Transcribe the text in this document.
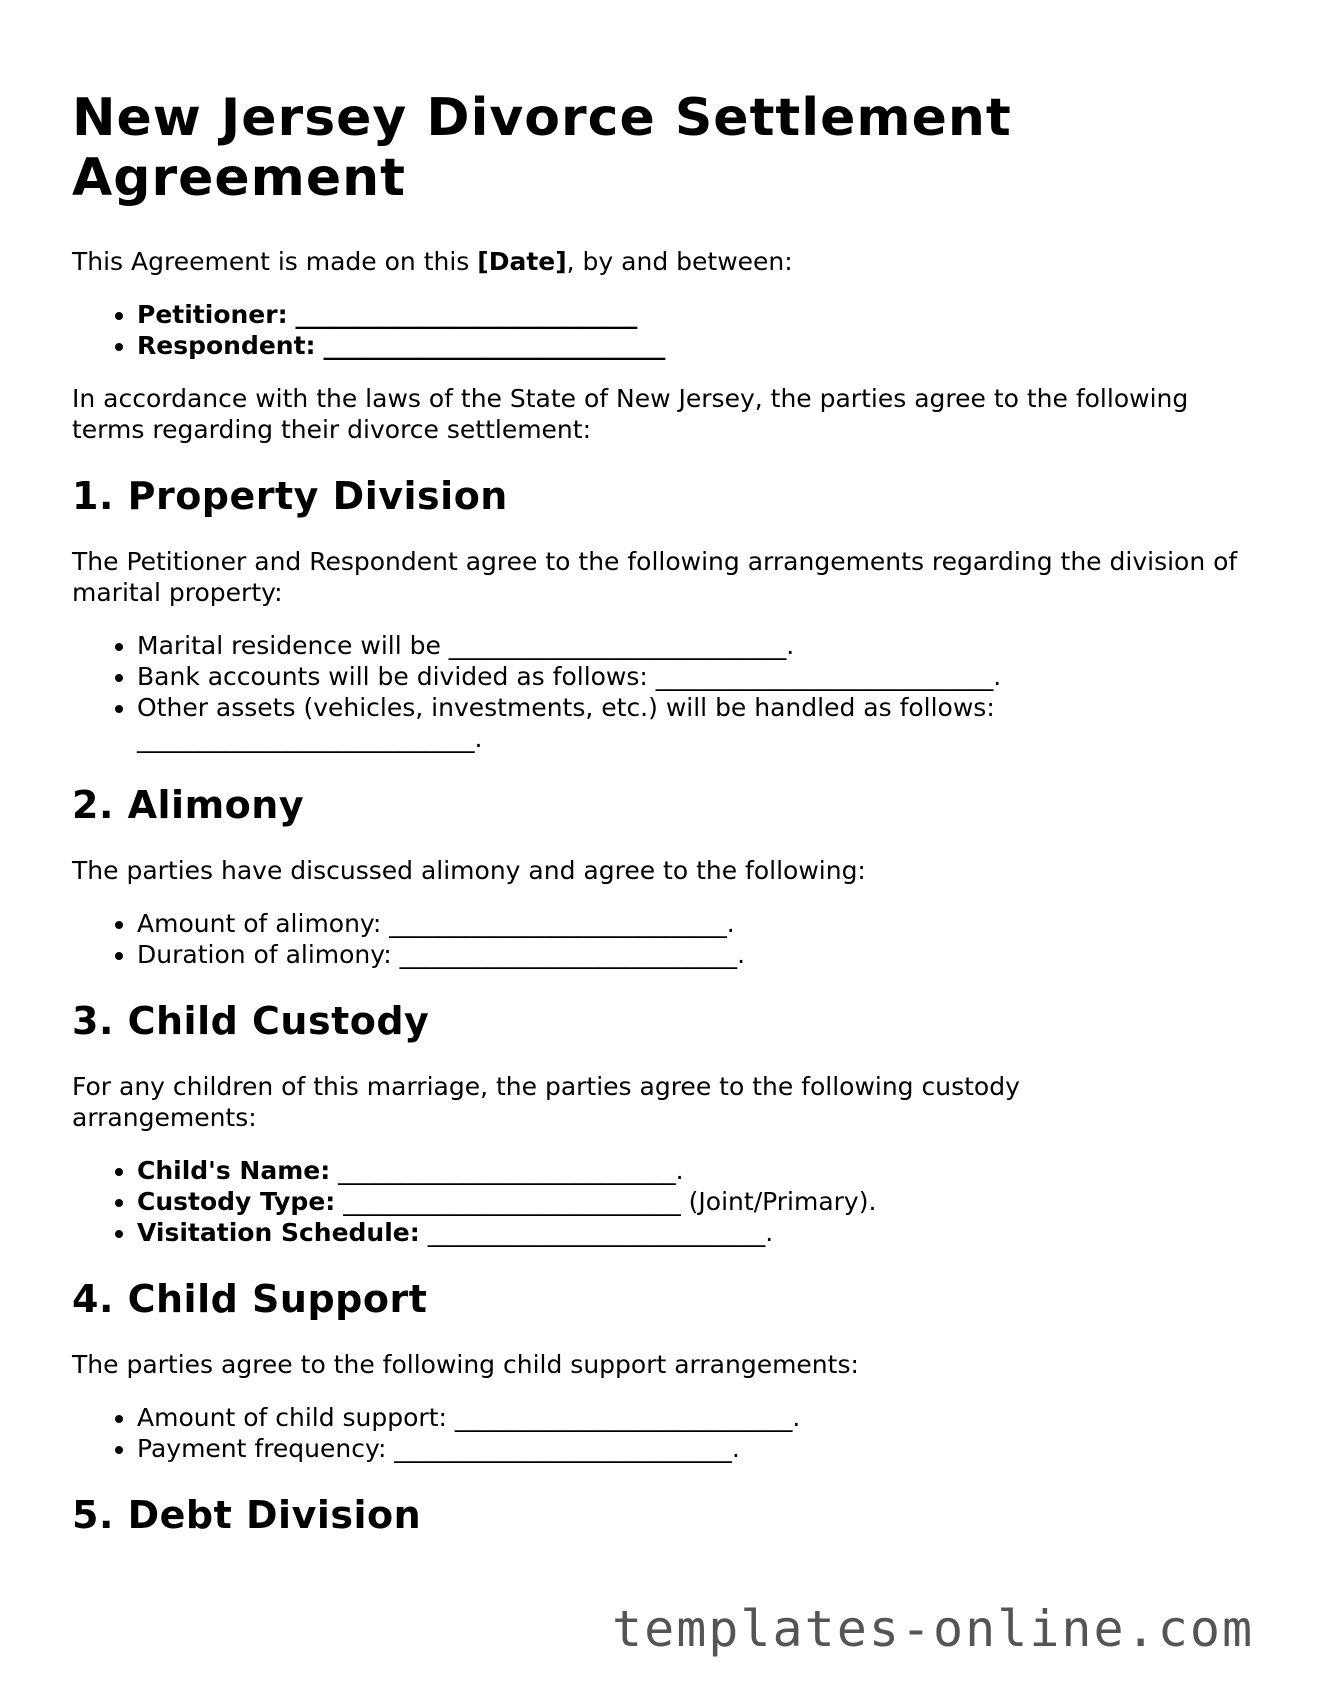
New Jersey Divorce Settlement Agreement

This Agreement is made on this [Date], by and between:

• Petitioner: ____________________________
• Respondent: ____________________________

In accordance with the laws of the State of New Jersey, the parties agree to the following terms regarding their divorce settlement:

1. Property Division

The Petitioner and Respondent agree to the following arrangements regarding the division of marital property:

• Marital residence will be ___________________________.
• Bank accounts will be divided as follows: ___________________________.
• Other assets (vehicles, investments, etc.) will be handled as follows: ___________________________.
2. Alimony

The parties have discussed alimony and agree to the following:

• Amount of alimony: ___________________________.
• Duration of alimony: ___________________________.
3. Child Custody

For any children of this marriage, the parties agree to the following custody arrangements:

• Child's Name: ___________________________.
• Custody Type: ___________________________ (Joint/Primary).
• Visitation Schedule: ___________________________.
4. Child Support

The parties agree to the following child support arrangements:

• Amount of child support: ___________________________.
• Payment frequency: ___________________________.
5. Debt Division
templates-online.com
